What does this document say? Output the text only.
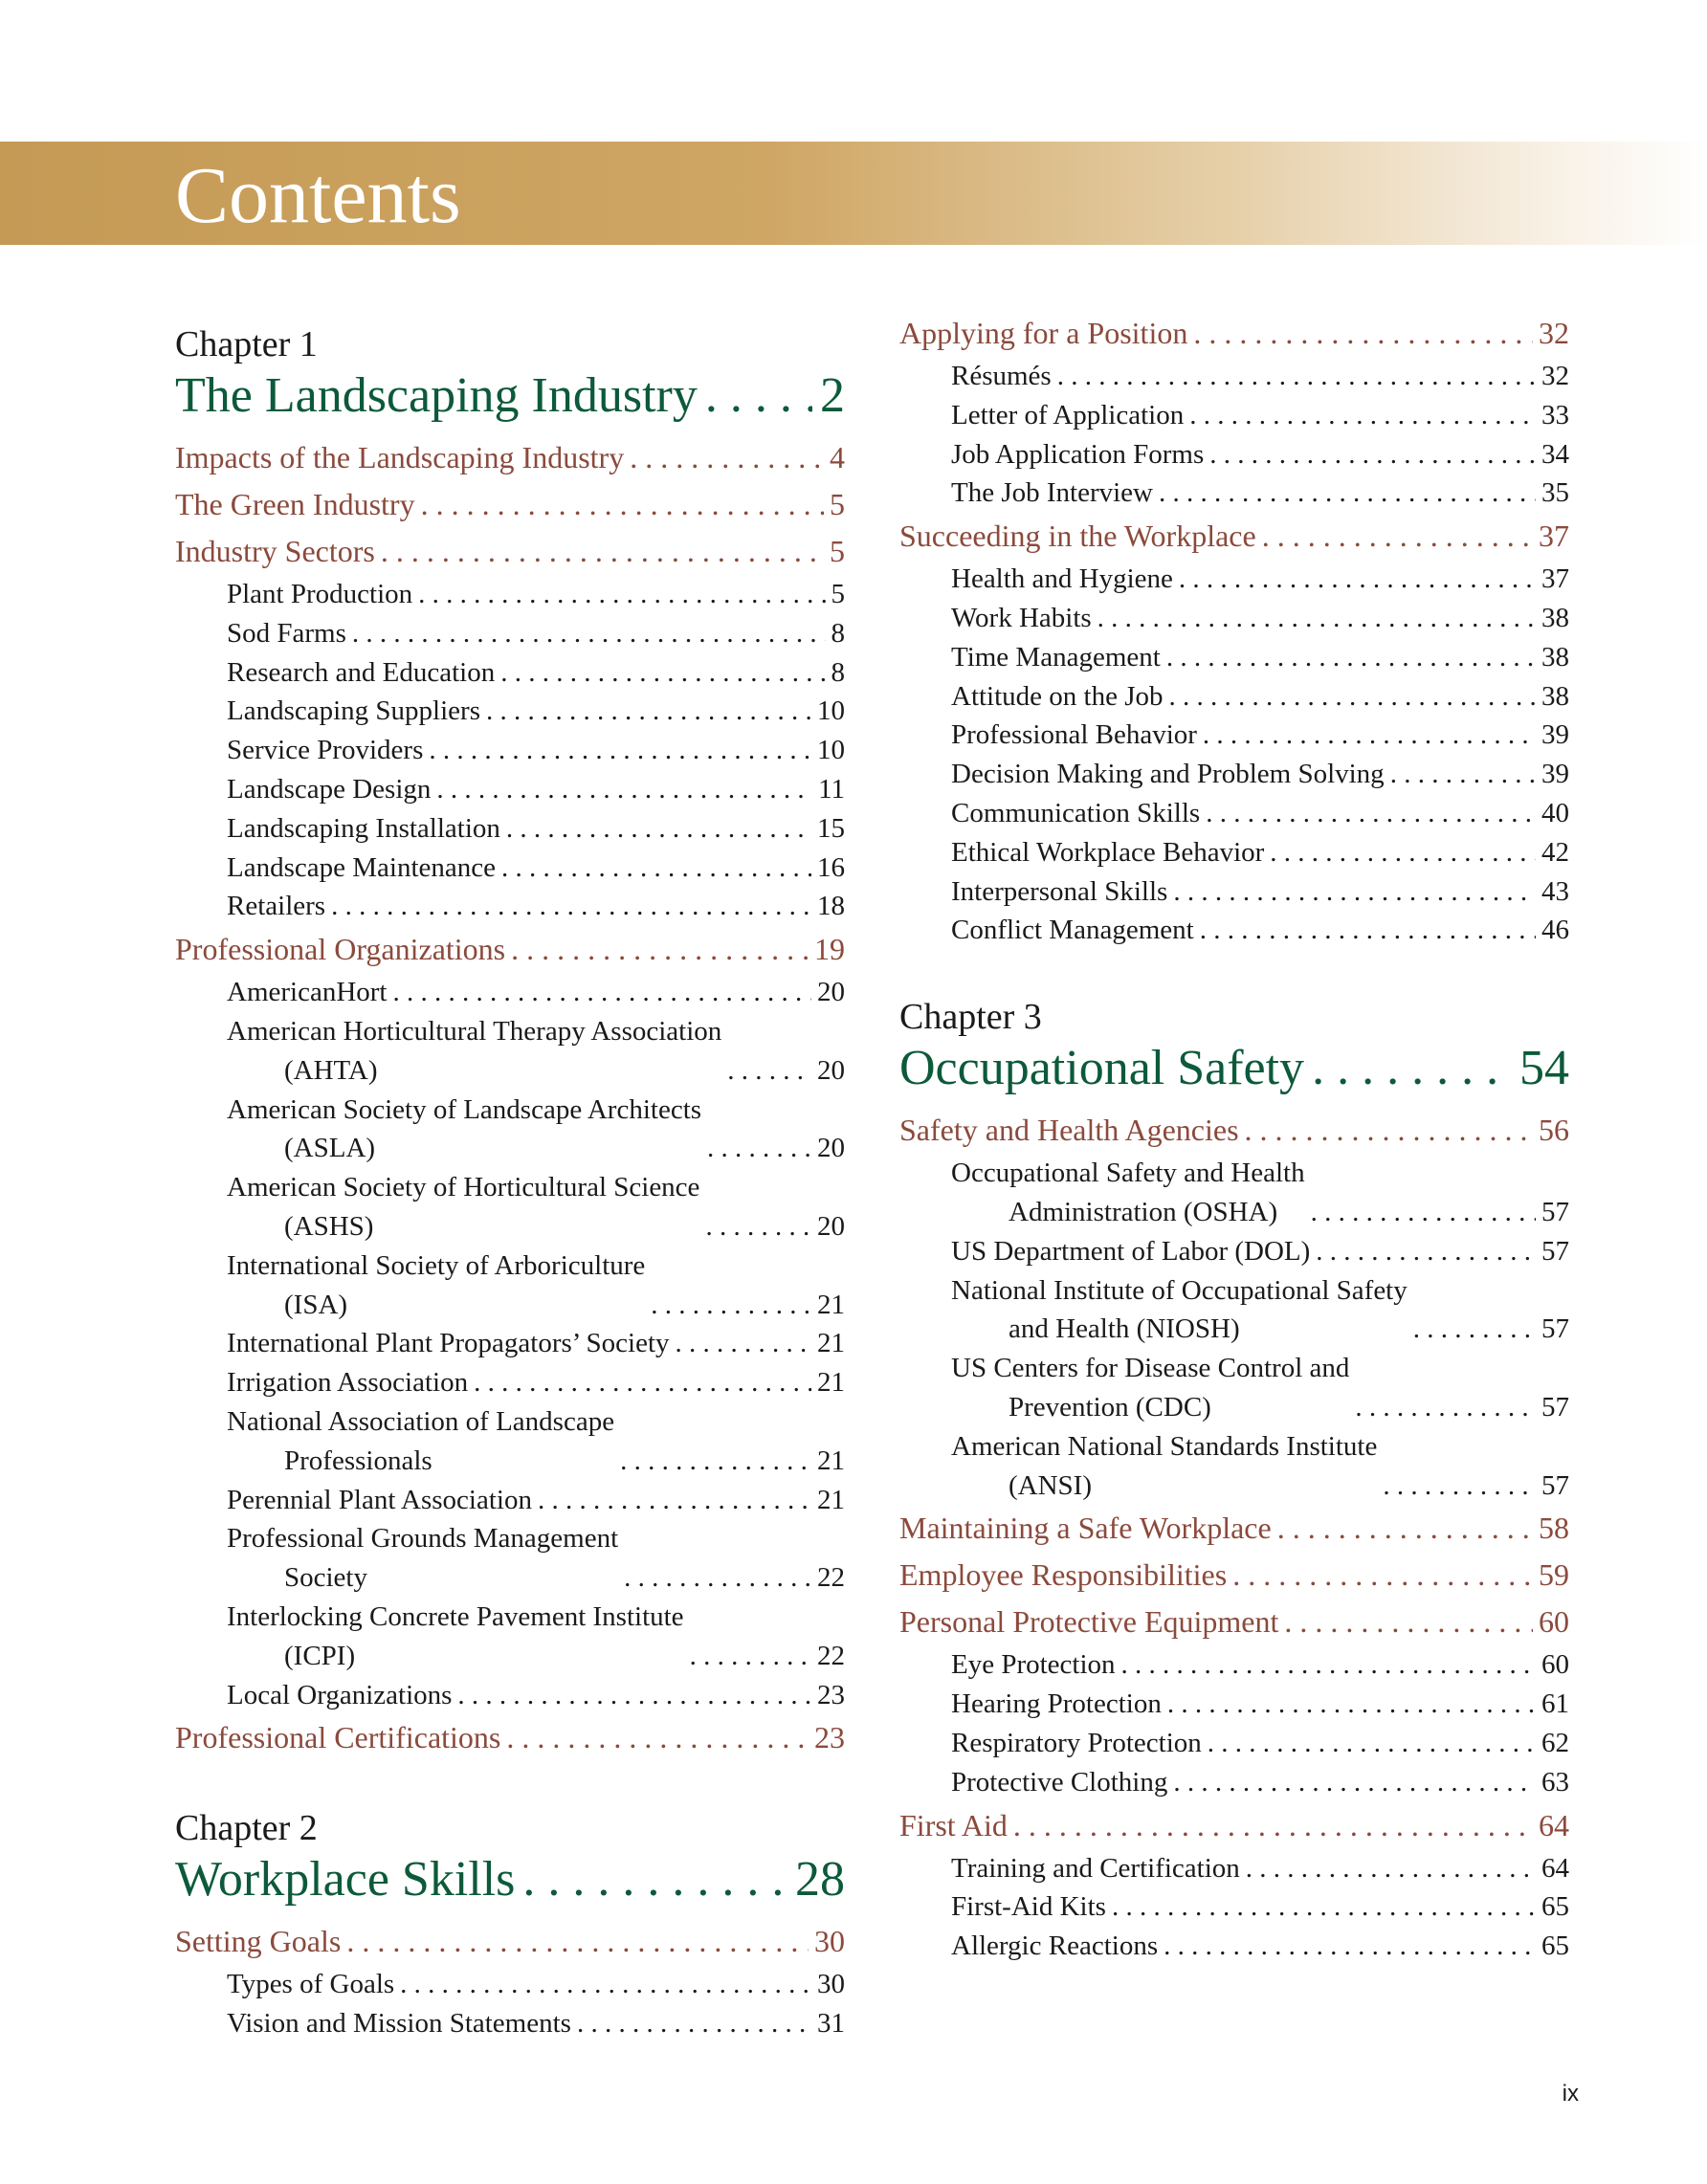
Contents
Chapter 1
The Landscaping Industry . . . 2
Impacts of the Landscaping Industry . . .	4
The Green Industry . . .	5
Industry Sectors . . .	5
Plant Production . . .	5
Sod Farms . . .	8
Research and Education . . .	8
Landscaping Suppliers . . .	10
Service Providers . . .	10
Landscape Design . . .	11
Landscaping Installation . . .	15
Landscape Maintenance . . .	16
Retailers . . .	18
Professional Organizations . . .	19
AmericanHort . . .	20
American Horticultural Therapy Association
(AHTA) . . .	20
American Society of Landscape Architects
(ASLA) . . .	20
American Society of Horticultural Science
(ASHS) . . .	20
International Society of Arboriculture
(ISA) . . .	21
International Plant Propagators’ Society . . .	21
Irrigation Association . . .	21
National Association of Landscape
Professionals . . .	21
Perennial Plant Association . . .	21
Professional Grounds Management
Society . . .	22
Interlocking Concrete Pavement Institute
(ICPI) . . .	22
Local Organizations . . .	23
Professional Certifications . . .	23
Chapter 2
Workplace Skills . . .	28
Setting Goals . . .	30
Types of Goals . . .	30
Vision and Mission Statements . . .	31
Applying for a Position . . .	32
Résumés . . .	32
Letter of Application . . .	33
Job Application Forms . . .	34
The Job Interview . . .	35
Succeeding in the Workplace . . .	37
Health and Hygiene . . .	37
Work Habits . . .	38
Time Management . . .	38
Attitude on the Job . . .	38
Professional Behavior . . .	39
Decision Making and Problem Solving . . .	39
Communication Skills . . .	40
Ethical Workplace Behavior . . .	42
Interpersonal Skills . . .	43
Conflict Management . . .	46
Chapter 3
Occupational Safety . . .	54
Safety and Health Agencies . . .	56
Occupational Safety and Health
Administration (OSHA) . . .	57
US Department of Labor (DOL) . . .	57
National Institute of Occupational Safety
and Health (NIOSH) . . .	57
US Centers for Disease Control and
Prevention (CDC) . . .	57
American National Standards Institute
(ANSI) . . .	57
Maintaining a Safe Workplace . . .	58
Employee Responsibilities . . .	59
Personal Protective Equipment . . .	60
Eye Protection . . .	60
Hearing Protection . . .	61
Respiratory Protection . . .	62
Protective Clothing . . .	63
First Aid . . .	64
Training and Certification . . .	64
First-Aid Kits . . .	65
Allergic Reactions . . .	65
ix
